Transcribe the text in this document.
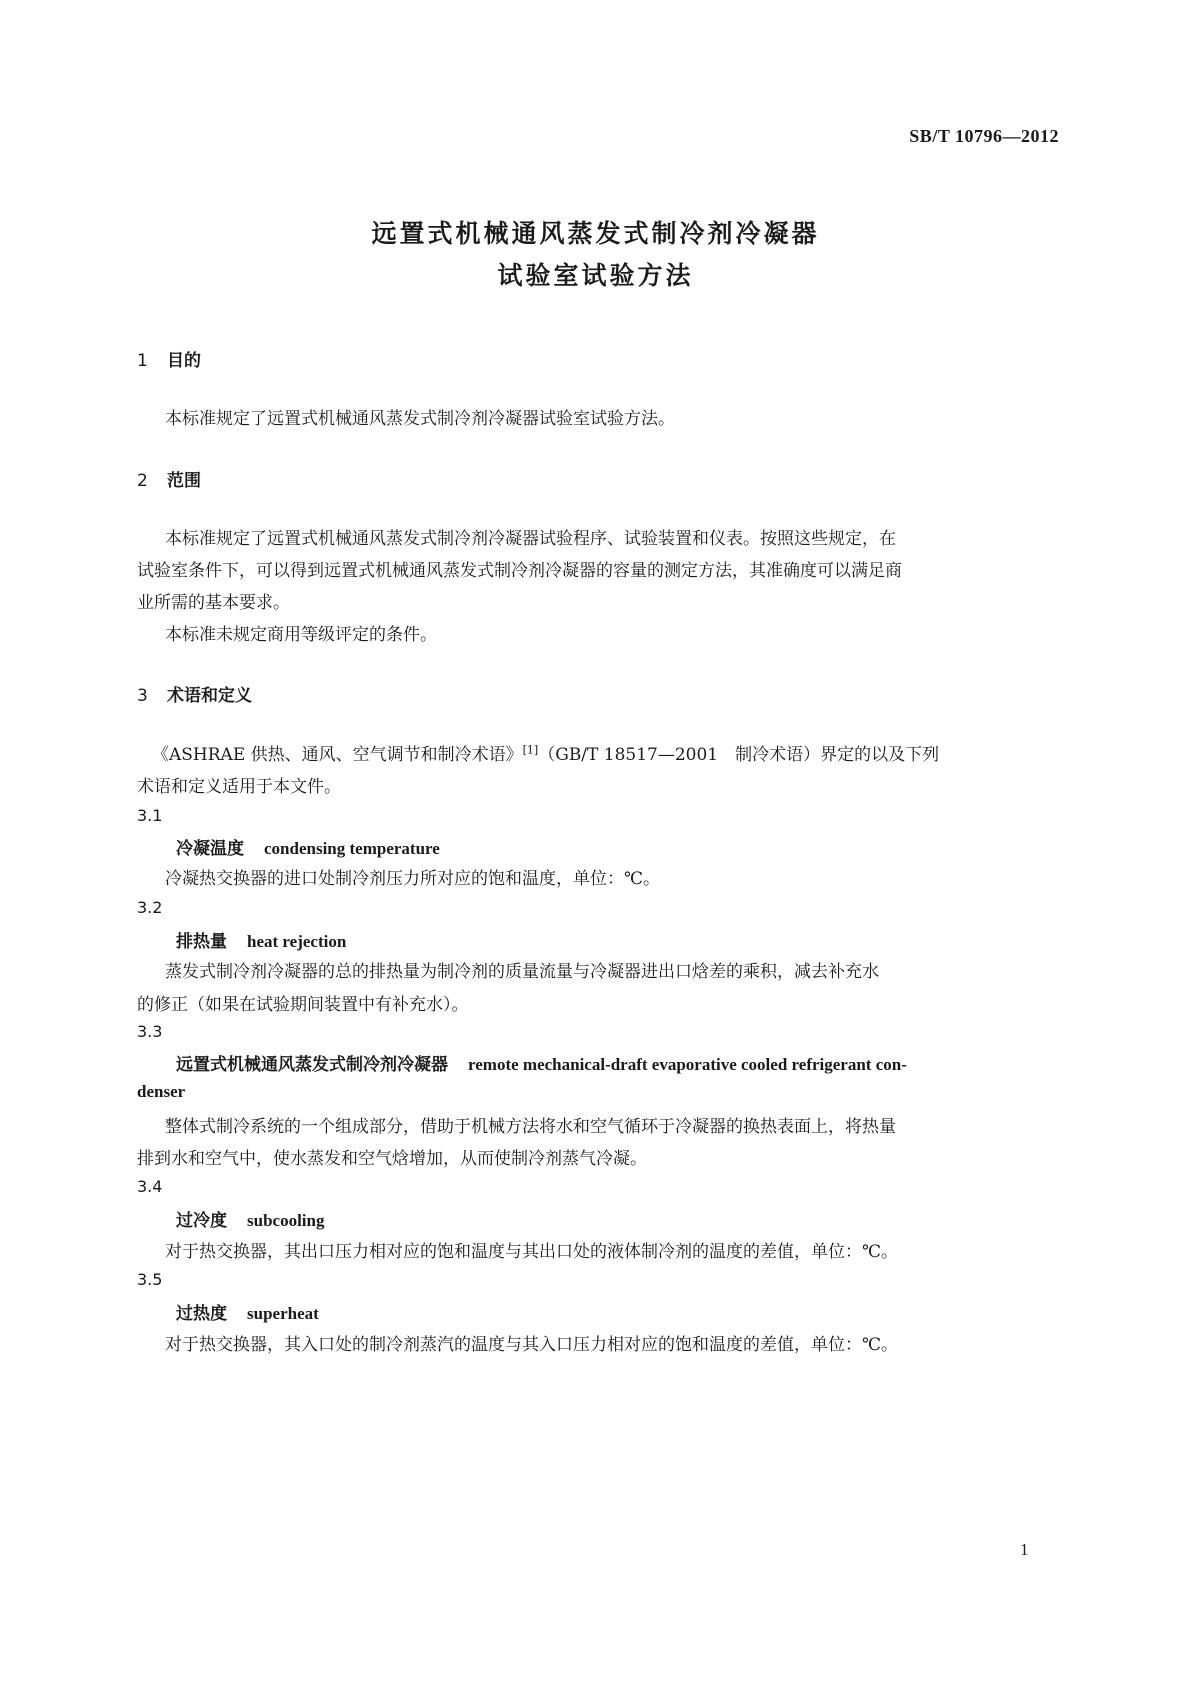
SB/T 10796—2012
远置式机械通风蒸发式制冷剂冷凝器
试验室试验方法
1 目的
本标准规定了远置式机械通风蒸发式制冷剂冷凝器试验室试验方法。
2 范围
本标准规定了远置式机械通风蒸发式制冷剂冷凝器试验程序、试验装置和仪表。按照这些规定，在
试验室条件下，可以得到远置式机械通风蒸发式制冷剂冷凝器的容量的测定方法，其准确度可以满足商
业所需的基本要求。
本标准未规定商用等级评定的条件。
3 术语和定义
《ASHRAE 供热、通风、空气调节和制冷术语》[1]（GB/T 18517—2001　制冷术语）界定的以及下列
术语和定义适用于本文件。
3.1
冷凝温度 condensing temperature
冷凝热交换器的进口处制冷剂压力所对应的饱和温度，单位：℃。
3.2
排热量 heat rejection
蒸发式制冷剂冷凝器的总的排热量为制冷剂的质量流量与冷凝器进出口焓差的乘积，减去补充水
的修正（如果在试验期间装置中有补充水）。
3.3
远置式机械通风蒸发式制冷剂冷凝器 remote mechanical-draft evaporative cooled refrigerant con-
denser
整体式制冷系统的一个组成部分，借助于机械方法将水和空气循环于冷凝器的换热表面上，将热量
排到水和空气中，使水蒸发和空气焓增加，从而使制冷剂蒸气冷凝。
3.4
过冷度 subcooling
对于热交换器，其出口压力相对应的饱和温度与其出口处的液体制冷剂的温度的差值，单位：℃。
3.5
过热度 superheat
对于热交换器，其入口处的制冷剂蒸汽的温度与其入口压力相对应的饱和温度的差值，单位：℃。
1
